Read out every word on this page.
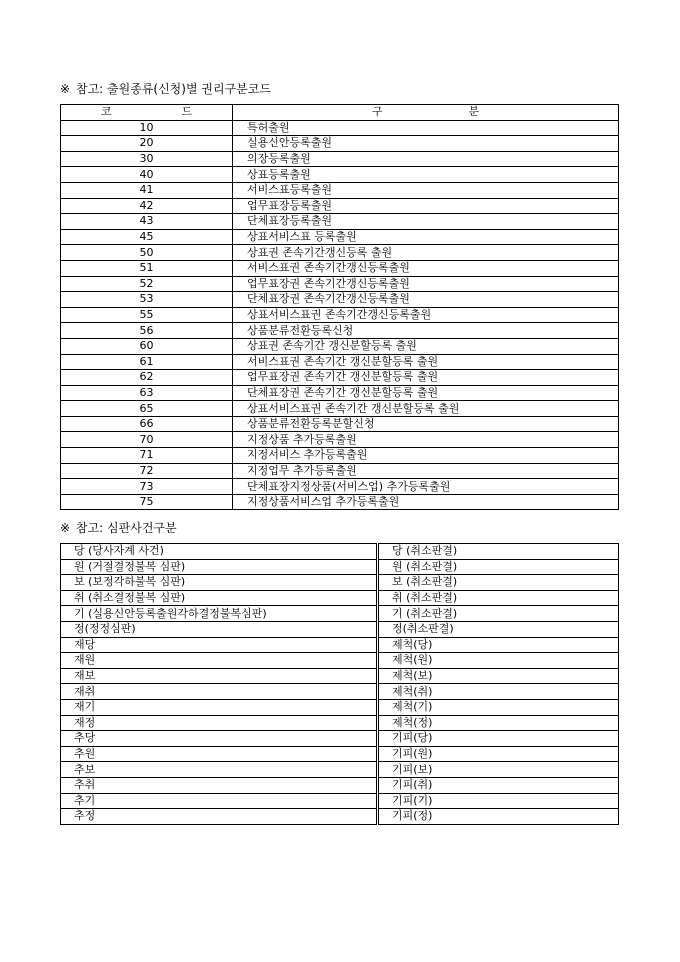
※ 참고: 출원종류(신청)별 권리구분코드
코 드	구 분
10	특허출원
20	실용신안등록출원
30	의장등록출원
40	상표등록출원
41	서비스표등록출원
42	업무표장등록출원
43	단체표장등록출원
45	상표서비스표 등록출원
50	상표권 존속기간갱신등록 출원
51	서비스표권 존속기간갱신등록출원
52	업무표장권 존속기간갱신등록출원
53	단체표장권 존속기간갱신등록출원
55	상표서비스표권 존속기간갱신등록출원
56	상품분류전환등록신청
60	상표권 존속기간 갱신분할등록 출원
61	서비스표권 존속기간 갱신분할등록 출원
62	업무표장권 존속기간 갱신분할등록 출원
63	단체표장권 존속기간 갱신분할등록 출원
65	상표서비스표권 존속기간 갱신분할등록 출원
66	상품분류전환등록분할신청
70	지정상품 추가등록출원
71	지정서비스 추가등록출원
72	지정업무 추가등록출원
73	단체표장지정상품(서비스업) 추가등록출원
75	지정상품서비스업 추가등록출원
※ 참고: 심판사건구분
당 (당사자계 사건)	당 (취소판결)
원 (거절결정불복 심판)	원 (취소판결)
보 (보정각하불복 심판)	보 (취소판결)
취 (취소결정불복 심판)	취 (취소판결)
기 (실용신안등록출원각하결정불복심판)	기 (취소판결)
정(정정심판)	정(취소판결)
재당	제척(당)
재원	제척(원)
재보	제척(보)
재취	제척(취)
재기	제척(기)
재정	제척(정)
추당	기피(당)
추원	기피(원)
추보	기피(보)
추취	기피(취)
추기	기피(기)
추정	기피(정)
